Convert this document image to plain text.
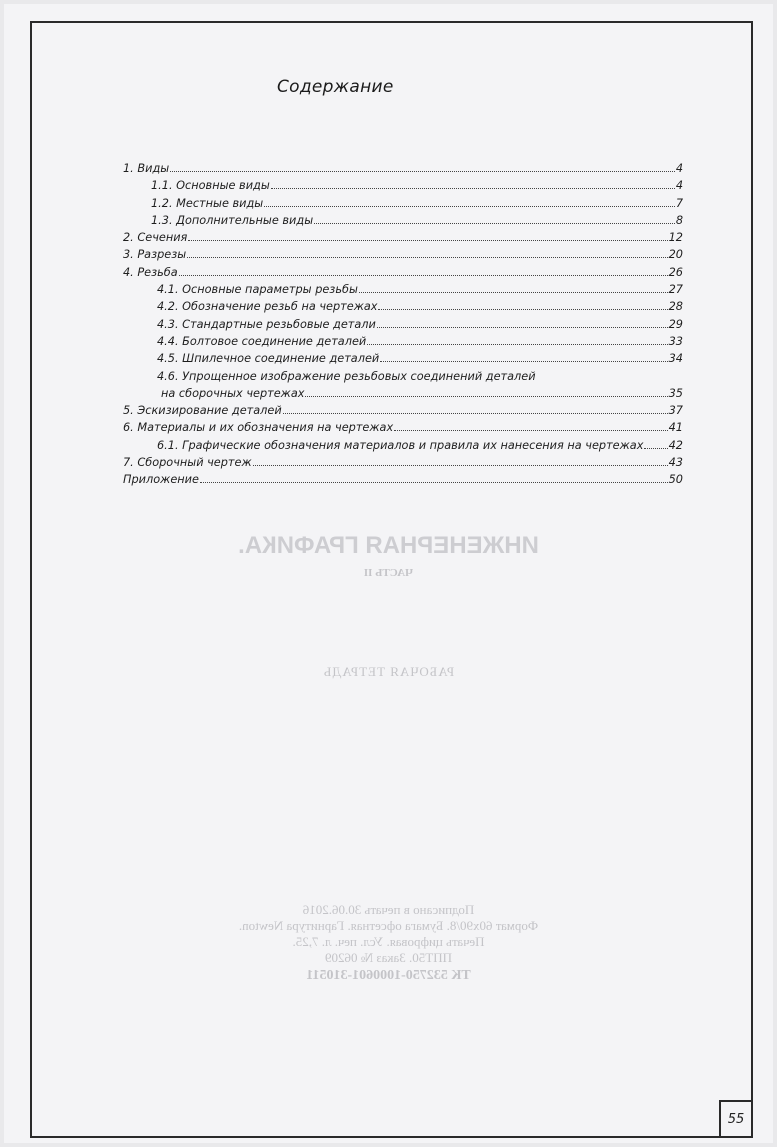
ИНЖЕНЕРНАЯ ГРАФИКА.
ЧАСТЬ II
РАБОЧАЯ ТЕТРАДЬ
Подписано в печать 30.06.2016
Формат 60х90/8. Бумага офсетная. Гарнитура Newton.
Печать цифровая. Усл. печ. л. 7,25.
ППТ50. Заказ № 06209
ТК 532750-1000601-310511
55
Содержание
1. Виды	4
1.1. Основные виды	4
1.2. Местные виды	7
1.3. Дополнительные виды	8
2. Сечения	12
3. Разрезы	20
4. Резьба	26
4.1. Основные параметры резьбы	27
4.2. Обозначение резьб на чертежах	28
4.3. Стандартные резьбовые детали	29
4.4. Болтовое соединение деталей	33
4.5. Шпилечное соединение деталей	34
4.6. Упрощенное изображение резьбовых соединений деталей
на сборочных чертежах	35
5. Эскизирование деталей	37
6. Материалы и их обозначения на чертежах	41
6.1. Графические обозначения материалов и правила их нанесения на чертежах 42
7. Сборочный чертеж	43
Приложение	50
